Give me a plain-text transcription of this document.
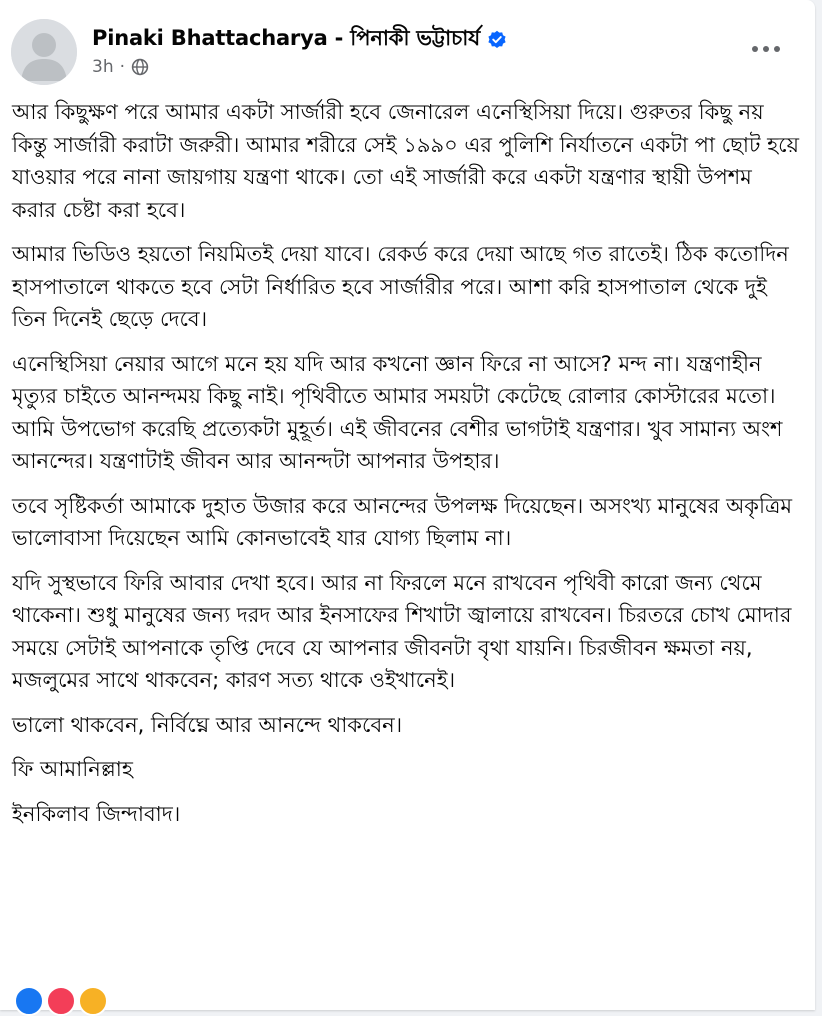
Pinaki Bhattacharya - পিনাকী ভট্টাচার্য
3h ·

আর কিছুক্ষণ পরে আমার একটা সার্জারী হবে জেনারেল এনেস্থিসিয়া দিয়ে। গুরুতর কিছু নয় কিন্তু সার্জারী করাটা জরুরী। আমার শরীরে সেই ১৯৯০ এর পুলিশি নির্যাতনে একটা পা ছোট হয়ে যাওয়ার পরে নানা জায়গায় যন্ত্রণা থাকে। তো এই সার্জারী করে একটা যন্ত্রণার স্থায়ী উপশম করার চেষ্টা করা হবে।

আমার ভিডিও হয়তো নিয়মিতই দেয়া যাবে। রেকর্ড করে দেয়া আছে গত রাতেই। ঠিক কতোদিন হাসপাতালে থাকতে হবে সেটা নির্ধারিত হবে সার্জারীর পরে। আশা করি হাসপাতাল থেকে দুই তিন দিনেই ছেড়ে দেবে।

এনেস্থিসিয়া নেয়ার আগে মনে হয় যদি আর কখনো জ্ঞান ফিরে না আসে? মন্দ না। যন্ত্রণাহীন মৃত্যুর চাইতে আনন্দময় কিছু নাই। পৃথিবীতে আমার সময়টা কেটেছে রোলার কোস্টারের মতো। আমি উপভোগ করেছি প্রত্যেকটা মুহূর্ত। এই জীবনের বেশীর ভাগটাই যন্ত্রণার। খুব সামান্য অংশ আনন্দের। যন্ত্রণাটাই জীবন আর আনন্দটা আপনার উপহার।

তবে সৃষ্টিকর্তা আমাকে দুহাত উজার করে আনন্দের উপলক্ষ দিয়েছেন। অসংখ্য মানুষের অকৃত্রিম ভালোবাসা দিয়েছেন আমি কোনভাবেই যার যোগ্য ছিলাম না।

যদি সুস্থভাবে ফিরি আবার দেখা হবে। আর না ফিরলে মনে রাখবেন পৃথিবী কারো জন্য থেমে থাকেনা। শুধু মানুষের জন্য দরদ আর ইনসাফের শিখাটা জ্বালায়ে রাখবেন। চিরতরে চোখ মোদার সময়ে সেটাই আপনাকে তৃপ্তি দেবে যে আপনার জীবনটা বৃথা যায়নি। চিরজীবন ক্ষমতা নয়, মজলুমের সাথে থাকবেন; কারণ সত্য থাকে ওইখানেই।

ভালো থাকবেন, নির্বিঘ্নে আর আনন্দে থাকবেন।

ফি আমানিল্লাহ

ইনকিলাব জিন্দাবাদ।
